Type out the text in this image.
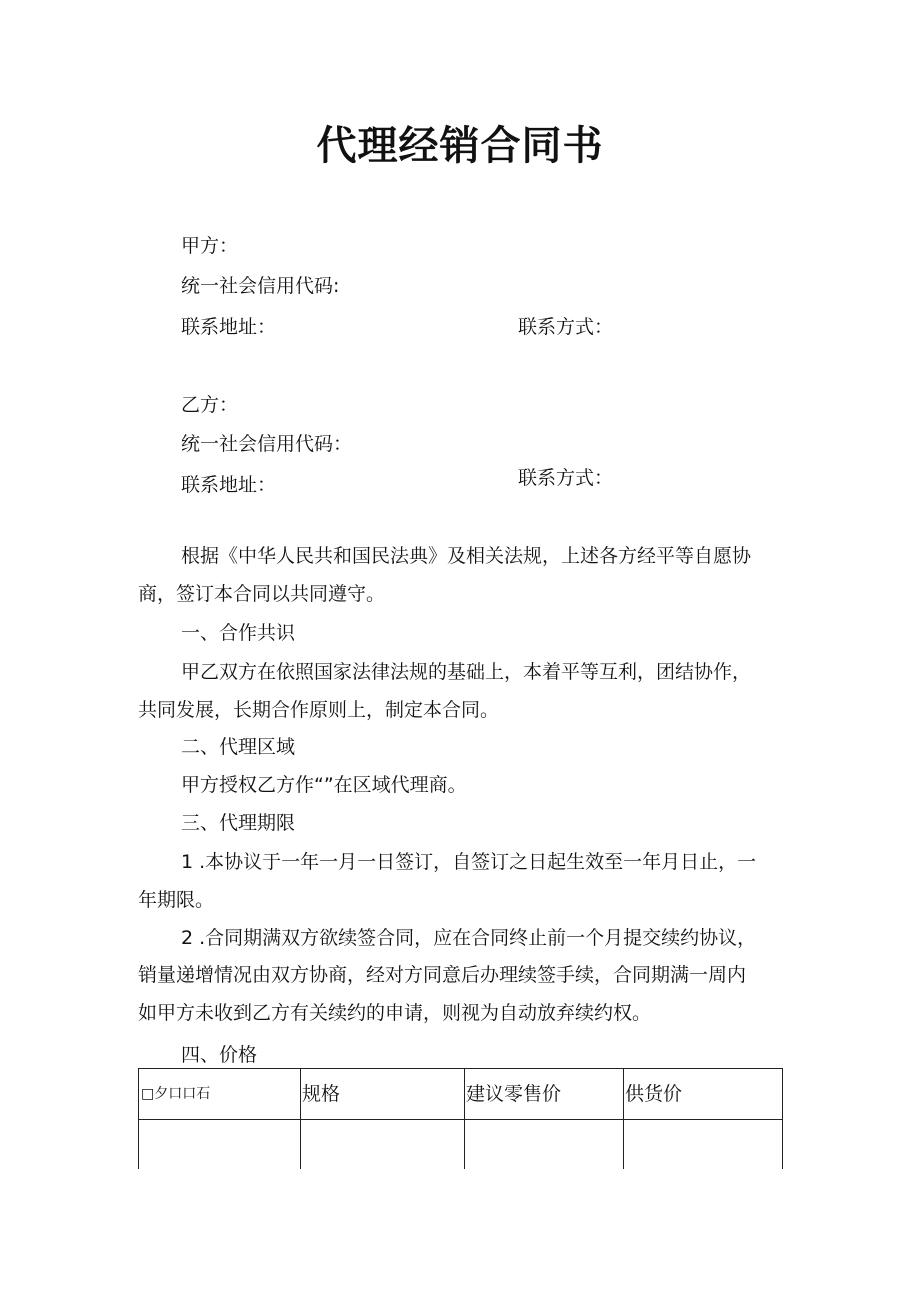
代理经销合同书
甲方：
统一社会信用代码:
联系地址：	联系方式：
乙方：
统一社会信用代码：
联系地址：	联系方式：
根据《中华人民共和国民法典》及相关法规，上述各方经平等自愿协
商，签订本合同以共同遵守。
一、合作共识
甲乙双方在依照国家法律法规的基础上，本着平等互利，团结协作，
共同发展，长期合作原则上，制定本合同。
二、代理区域
甲方授权乙方作“”在区域代理商。
三、代理期限
1 .本协议于一年一月一日签订，自签订之日起生效至一年月日止，一
年期限。
2 .合同期满双方欲续签合同，应在合同终止前一个月提交续约协议，
销量递增情况由双方协商，经对方同意后办理续签手续，合同期满一周内
如甲方未收到乙方有关续约的申请，则视为自动放弃续约权。
四、价格
□夕口口石	规格	建议零售价	供货价
